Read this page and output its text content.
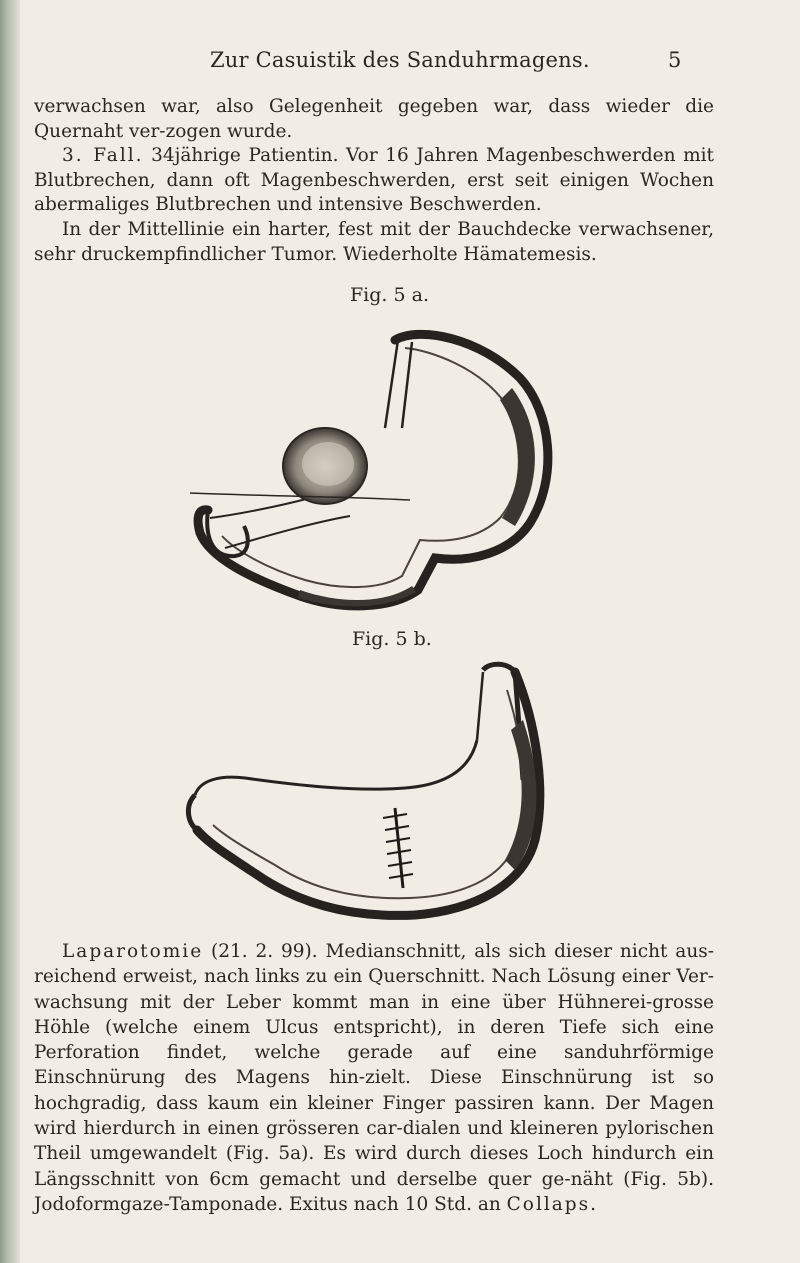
Zur Casuistik des Sanduhrmagens.	5

verwachsen war, also Gelegenheit gegeben war, dass wieder die Quernaht ver-zogen wurde.

3. Fall. 34jährige Patientin. Vor 16 Jahren Magenbeschwerden mit Blutbrechen, dann oft Magenbeschwerden, erst seit einigen Wochen abermaliges Blutbrechen und intensive Beschwerden.

In der Mittellinie ein harter, fest mit der Bauchdecke verwachsener, sehr druckempfindlicher Tumor. Wiederholte Hämatemesis.

Fig. 5 a.
Fig. 5 b.

Laparotomie (21. 2. 99). Medianschnitt, als sich dieser nicht aus-reichend erweist, nach links zu ein Querschnitt. Nach Lösung einer Ver-wachsung mit der Leber kommt man in eine über Hühnerei-grosse Höhle (welche einem Ulcus entspricht), in deren Tiefe sich eine Perforation findet, welche gerade auf eine sanduhrförmige Einschnürung des Magens hin-zielt. Diese Einschnürung ist so hochgradig, dass kaum ein kleiner Finger passiren kann. Der Magen wird hierdurch in einen grösseren car-dialen und kleineren pylorischen Theil umgewandelt (Fig. 5a). Es wird durch dieses Loch hindurch ein Längsschnitt von 6cm gemacht und derselbe quer ge-näht (Fig. 5b). Jodoformgaze-Tamponade. Exitus nach 10 Std. an Collaps.
